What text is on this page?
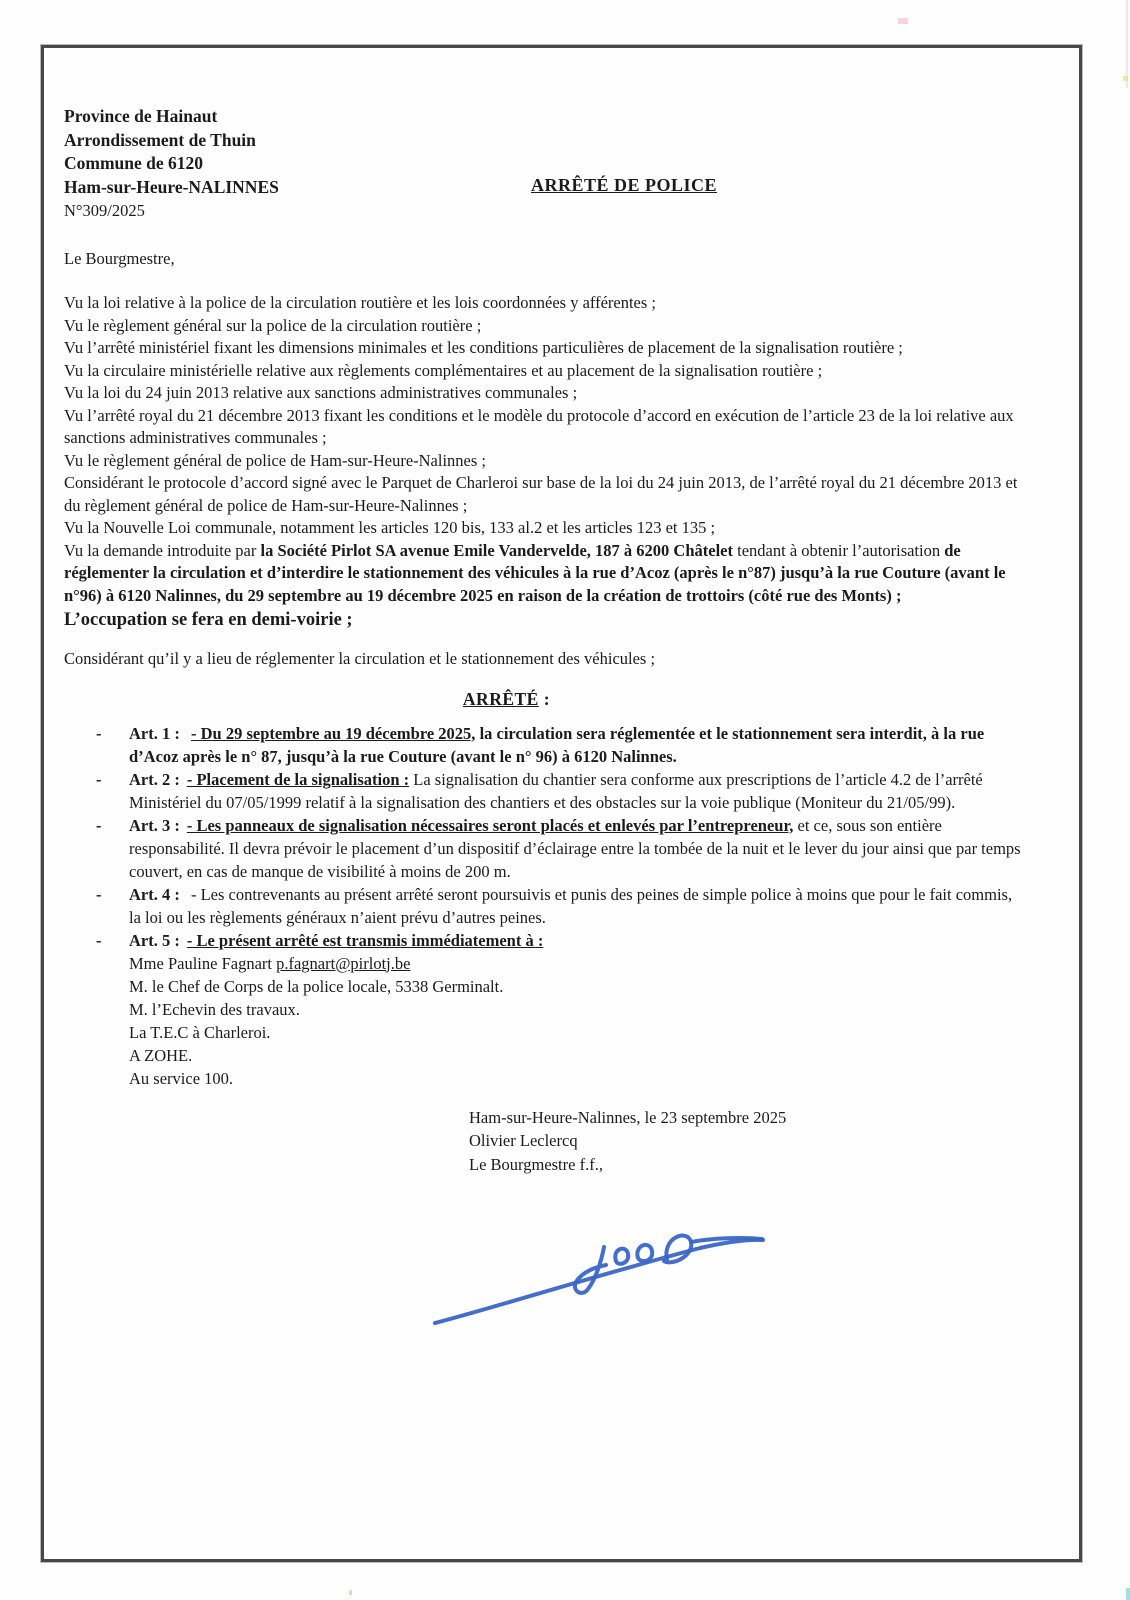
Province de Hainaut

Arrondissement de Thuin

Commune de 6120

Ham-sur-Heure-NALINNES

N°309/2025

ARRÊTÉ DE POLICE

Le Bourgmestre,

Vu la loi relative à la police de la circulation routière et les lois coordonnées y afférentes ;

Vu le règlement général sur la police de la circulation routière ;

Vu l’arrêté ministériel fixant les dimensions minimales et les conditions particulières de placement de la signalisation routière ;

Vu la circulaire ministérielle relative aux règlements complémentaires et au placement de la signalisation routière ;

Vu la loi du 24 juin 2013 relative aux sanctions administratives communales ;

Vu l’arrêté royal du 21 décembre 2013 fixant les conditions et le modèle du protocole d’accord en exécution de l’article 23 de la loi relative aux sanctions administratives communales ;

Vu le règlement général de police de Ham-sur-Heure-Nalinnes ;

Considérant le protocole d’accord signé avec le Parquet de Charleroi sur base de la loi du 24 juin 2013, de l’arrêté royal du 21 décembre 2013 et du règlement général de police de Ham-sur-Heure-Nalinnes ;

Vu la Nouvelle Loi communale, notamment les articles 120 bis, 133 al.2 et les articles 123 et 135 ;

Vu la demande introduite par la Société Pirlot SA avenue Emile Vandervelde, 187 à 6200 Châtelet tendant à obtenir l’autorisation de réglementer la circulation et d’interdire le stationnement des véhicules à la rue d’Acoz (après le n°87) jusqu’à la rue Couture (avant le n°96) à 6120 Nalinnes, du 29 septembre au 19 décembre 2025 en raison de la création de trottoirs (côté rue des Monts) ;

L’occupation se fera en demi-voirie ;

Considérant qu’il y a lieu de réglementer la circulation et le stationnement des véhicules ;

ARRÊTÉ :
-	Art. 1 : - Du 29 septembre au 19 décembre 2025, la circulation sera réglementée et le stationnement sera interdit, à la rue d’Acoz après le n° 87, jusqu’à la rue Couture (avant le n° 96) à 6120 Nalinnes.

-	Art. 2 : - Placement de la signalisation : La signalisation du chantier sera conforme aux prescriptions de l’article 4.2 de l’arrêté Ministériel du 07/05/1999 relatif à la signalisation des chantiers et des obstacles sur la voie publique (Moniteur du 21/05/99).

-	Art. 3 : - Les panneaux de signalisation nécessaires seront placés et enlevés par l’entrepreneur, et ce, sous son entière responsabilité. Il devra prévoir le placement d’un dispositif d’éclairage entre la tombée de la nuit et le lever du jour ainsi que par temps couvert, en cas de manque de visibilité à moins de 200 m.

-	Art. 4 : - Les contrevenants au présent arrêté seront poursuivis et punis des peines de simple police à moins que pour le fait commis, la loi ou les règlements généraux n’aient prévu d’autres peines.

-	Art. 5 : - Le présent arrêté est transmis immédiatement à :

Mme Pauline Fagnart p.fagnart@pirlotj.be

M. le Chef de Corps de la police locale, 5338 Germinalt.

M. l’Echevin des travaux.

La T.E.C à Charleroi.

A ZOHE.

Au service 100.

Ham-sur-Heure-Nalinnes, le 23 septembre 2025

Olivier Leclercq

Le Bourgmestre f.f.,
